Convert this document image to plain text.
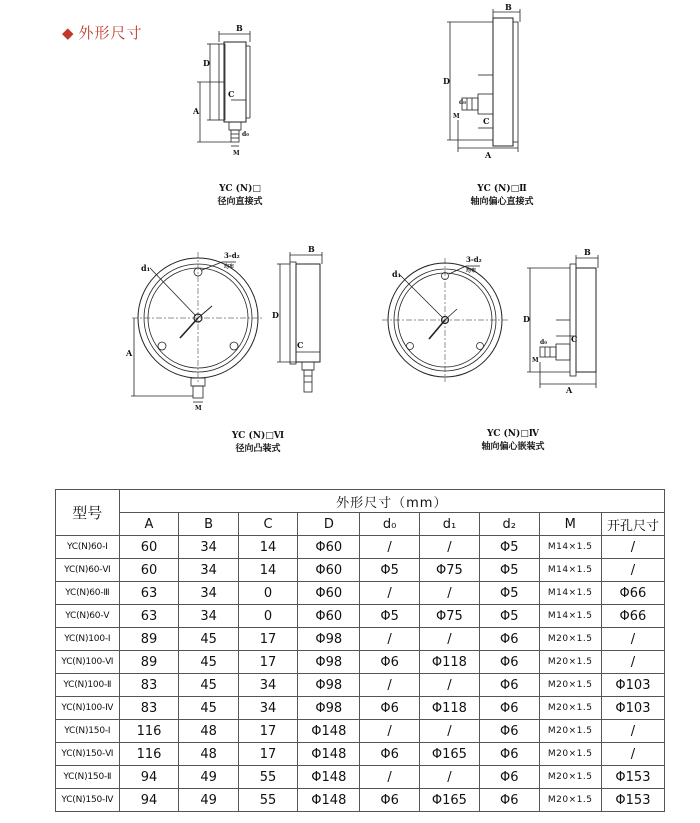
◆ 外形尺寸	B
D
A
C
M
d₀
B
D
A
C
M
d₀
d₁
3-d₂
均布
A
M
B
D
C
d₁
3-d₂
均布
B
D
A
C
M
d₀
YC (N)□
径向直接式
YC (N)□Ⅱ
轴向偏心直接式
YC (N)□Ⅵ
径向凸装式
YC (N)□Ⅳ
轴向偏心嵌装式
型号	外形尺寸（mm）								
	A	B	C	D	d₀	d₁	d₂	M	开孔尺寸
YC(N)60-Ⅰ	60	34	14	Φ60	/	/	Φ5	M14×1.5	/
YC(N)60-Ⅵ	60	34	14	Φ60	Φ5	Φ75	Φ5	M14×1.5	/
YC(N)60-Ⅲ	63	34	0	Φ60	/	/	Φ5	M14×1.5	Φ66
YC(N)60-Ⅴ	63	34	0	Φ60	Φ5	Φ75	Φ5	M14×1.5	Φ66
YC(N)100-Ⅰ	89	45	17	Φ98	/	/	Φ6	M20×1.5	/
YC(N)100-Ⅵ	89	45	17	Φ98	Φ6	Φ118	Φ6	M20×1.5	/
YC(N)100-Ⅱ	83	45	34	Φ98	/	/	Φ6	M20×1.5	Φ103
YC(N)100-Ⅳ	83	45	34	Φ98	Φ6	Φ118	Φ6	M20×1.5	Φ103
YC(N)150-Ⅰ	116	48	17	Φ148	/	/	Φ6	M20×1.5	/
YC(N)150-Ⅵ	116	48	17	Φ148	Φ6	Φ165	Φ6	M20×1.5	/
YC(N)150-Ⅱ	94	49	55	Φ148	/	/	Φ6	M20×1.5	Φ153
YC(N)150-Ⅳ	94	49	55	Φ148	Φ6	Φ165	Φ6	M20×1.5	Φ153
